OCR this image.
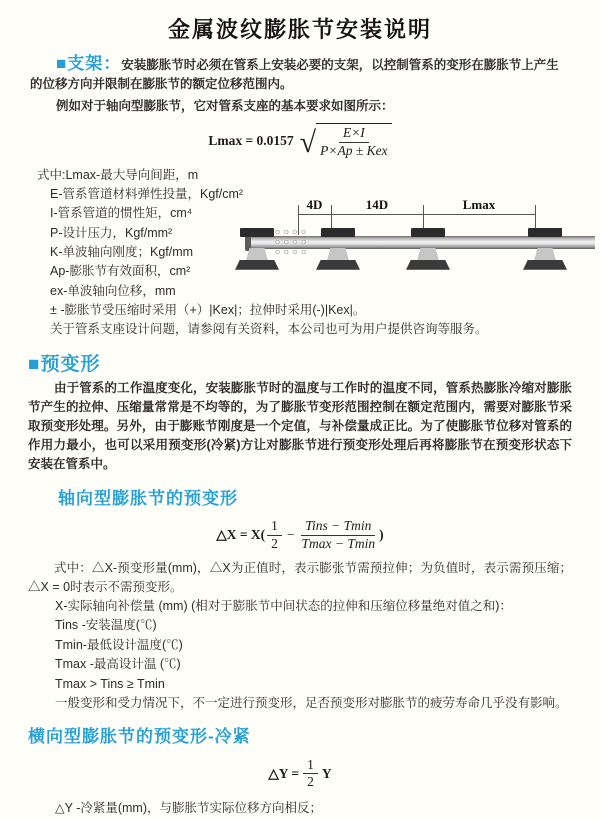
金属波纹膨胀节安装说明

■支架：安装膨胀节时必须在管系上安装必要的支架，以控制管系的变形在膨胀节上产生的位移方向并限制在膨胀节的额定位移范围内。

例如对于轴向型膨胀节，它对管系支座的基本要求如图所示：

Lmax = 0.0157 √ $\frac{E\times I}{\text{P×Ap ± Kex}}$
式中:Lmax-最大导向间距，m
E-管系管道材料弹性投量，Kgf/cm²
I-管系管道的惯性矩，cm⁴
P-设计压力，Kgf/mm²
K-单波轴向刚度；Kgf/mm
Ap-膨胀节有效面积，cm²
ex-单波轴向位移，mm
± -膨胀节受压缩时采用（+）|Kex|；拉伸时采用(-)|Kex|。
关于管系支座设计问题，请参阅有关资料，本公司也可为用户提供咨询等服务。
4D	14D	Lmax
■预变形

由于管系的工作温度变化，安装膨胀节时的温度与工作时的温度不同，管系热膨胀冷缩对膨胀节产生的拉伸、压缩量常常是不均等的，为了膨胀节变形范围控制在额定范围内，需要对膨胀节采取预变形处理。另外，由于膨账节刚度是一个定值，与补偿量成正比。为了使膨胀节位移对管系的作用力最小，也可以采用预变形(冷紧)方让对膨胀节进行预变形处理后再将膨胀节在预变形状态下安装在管系中。

轴向型膨胀节的预变形
△X = $X( \frac{1}{2} - \frac{\text{Tins − Tmin}}{Tmax - Tmin}$ )

式中：△X-预变形量(mm)，△X为正值时，表示膨张节需预拉伸；为负值时，表示需预压缩；△X = 0时表示不需预变形。

X-实际轴向补偿量 (mm) (相对于膨胀节中间状态的拉伸和压缩位移量绝对值之和)：
Tins -安装温度(℃)
Tmin-最低设计温度(℃)
Tmax -最高设计温 (℃)
Tmax > Tins ≥ Tmin
一般变形和受力情况下，不一定进行预变形，足否预变形对膨胀节的疲劳寿命几乎没有影响。
横向型膨胀节的预变形-冷紧
△Y = $\frac{1}{2}$ Y
△Y -冷紧量(mm)，与膨胀节实际位移方向相反；
